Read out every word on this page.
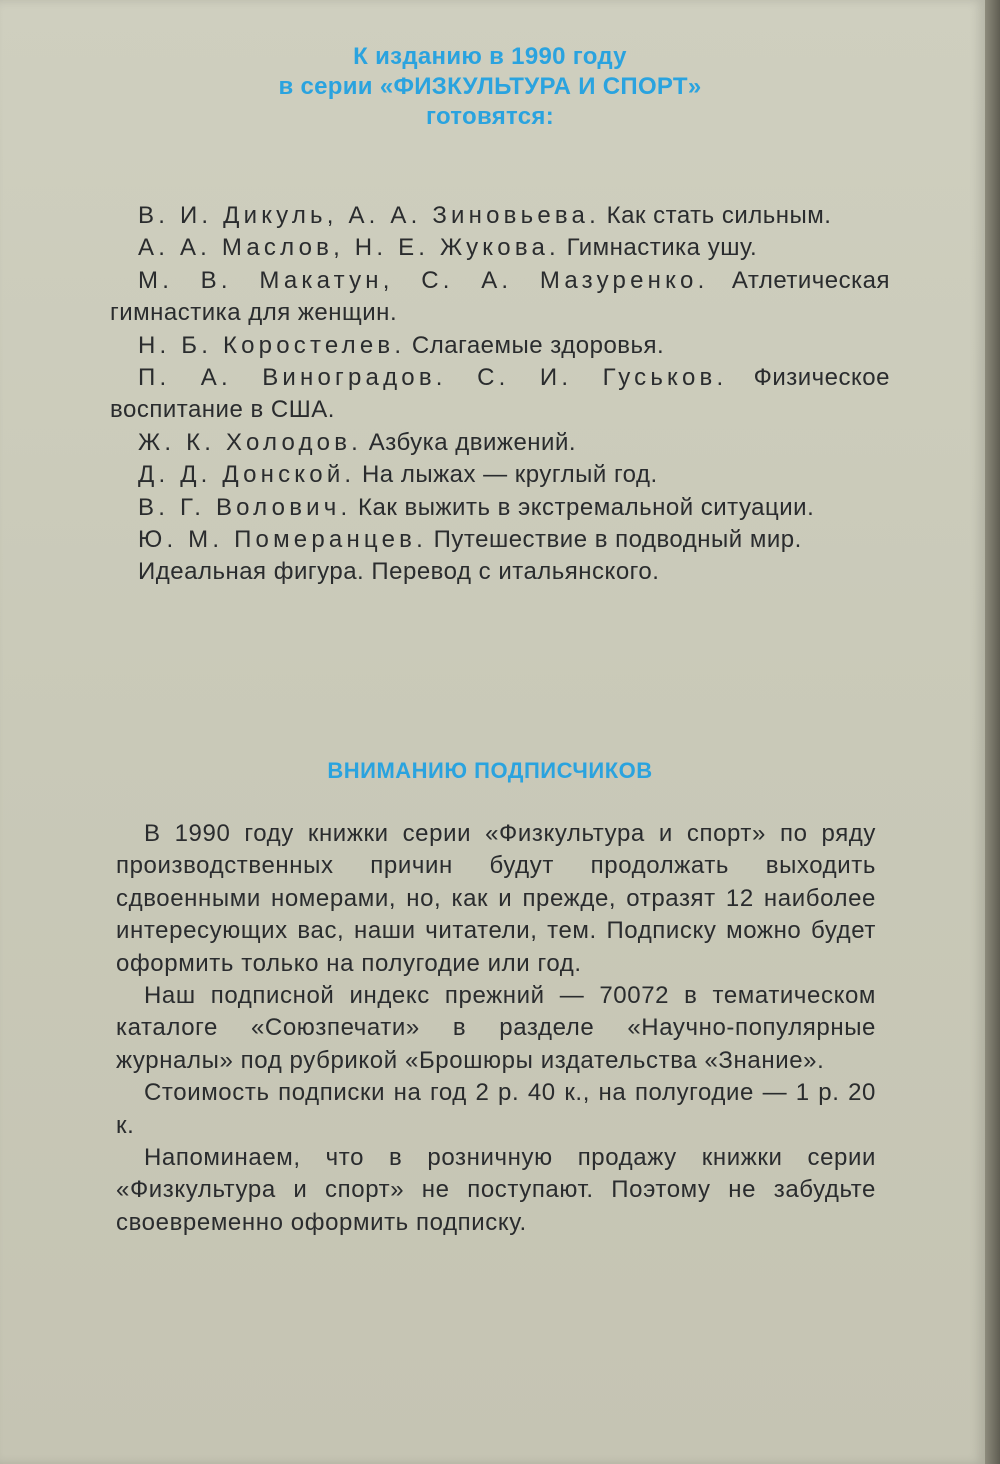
К изданию в 1990 году
в серии «ФИЗКУЛЬТУРА И СПОРТ»
готовятся:

В. И. Дикуль, А. А. Зиновьева. Как стать сильным.

А. А. Маслов, Н. Е. Жукова. Гимнастика ушу.

М. В. Макатун, С. А. Мазуренко. Атлетическая гимнастика для женщин.

Н. Б. Коростелев. Слагаемые здоровья.

П. А. Виноградов. С. И. Гуськов. Физическое воспитание в США.

Ж. К. Холодов. Азбука движений.

Д. Д. Донской. На лыжах — круглый год.

В. Г. Волович. Как выжить в экстремальной ситуации.

Ю. М. Померанцев. Путешествие в подводный мир.

Идеальная фигура. Перевод с итальянского.

ВНИМАНИЮ ПОДПИСЧИКОВ

В 1990 году книжки серии «Физкультура и спорт» по ряду производственных причин будут продолжать выходить сдвоенными номерами, но, как и прежде, отразят 12 наиболее интересующих вас, наши читатели, тем. Подписку можно будет оформить только на полугодие или год.

Наш подписной индекс прежний — 70072 в тематическом каталоге «Союзпечати» в разделе «Научно-популярные журналы» под рубрикой «Брошюры издательства «Знание».

Стоимость подписки на год 2 р. 40 к., на полугодие — 1 р. 20 к.

Напоминаем, что в розничную продажу книжки серии «Физкультура и спорт» не поступают. Поэтому не забудьте своевременно оформить подписку.
